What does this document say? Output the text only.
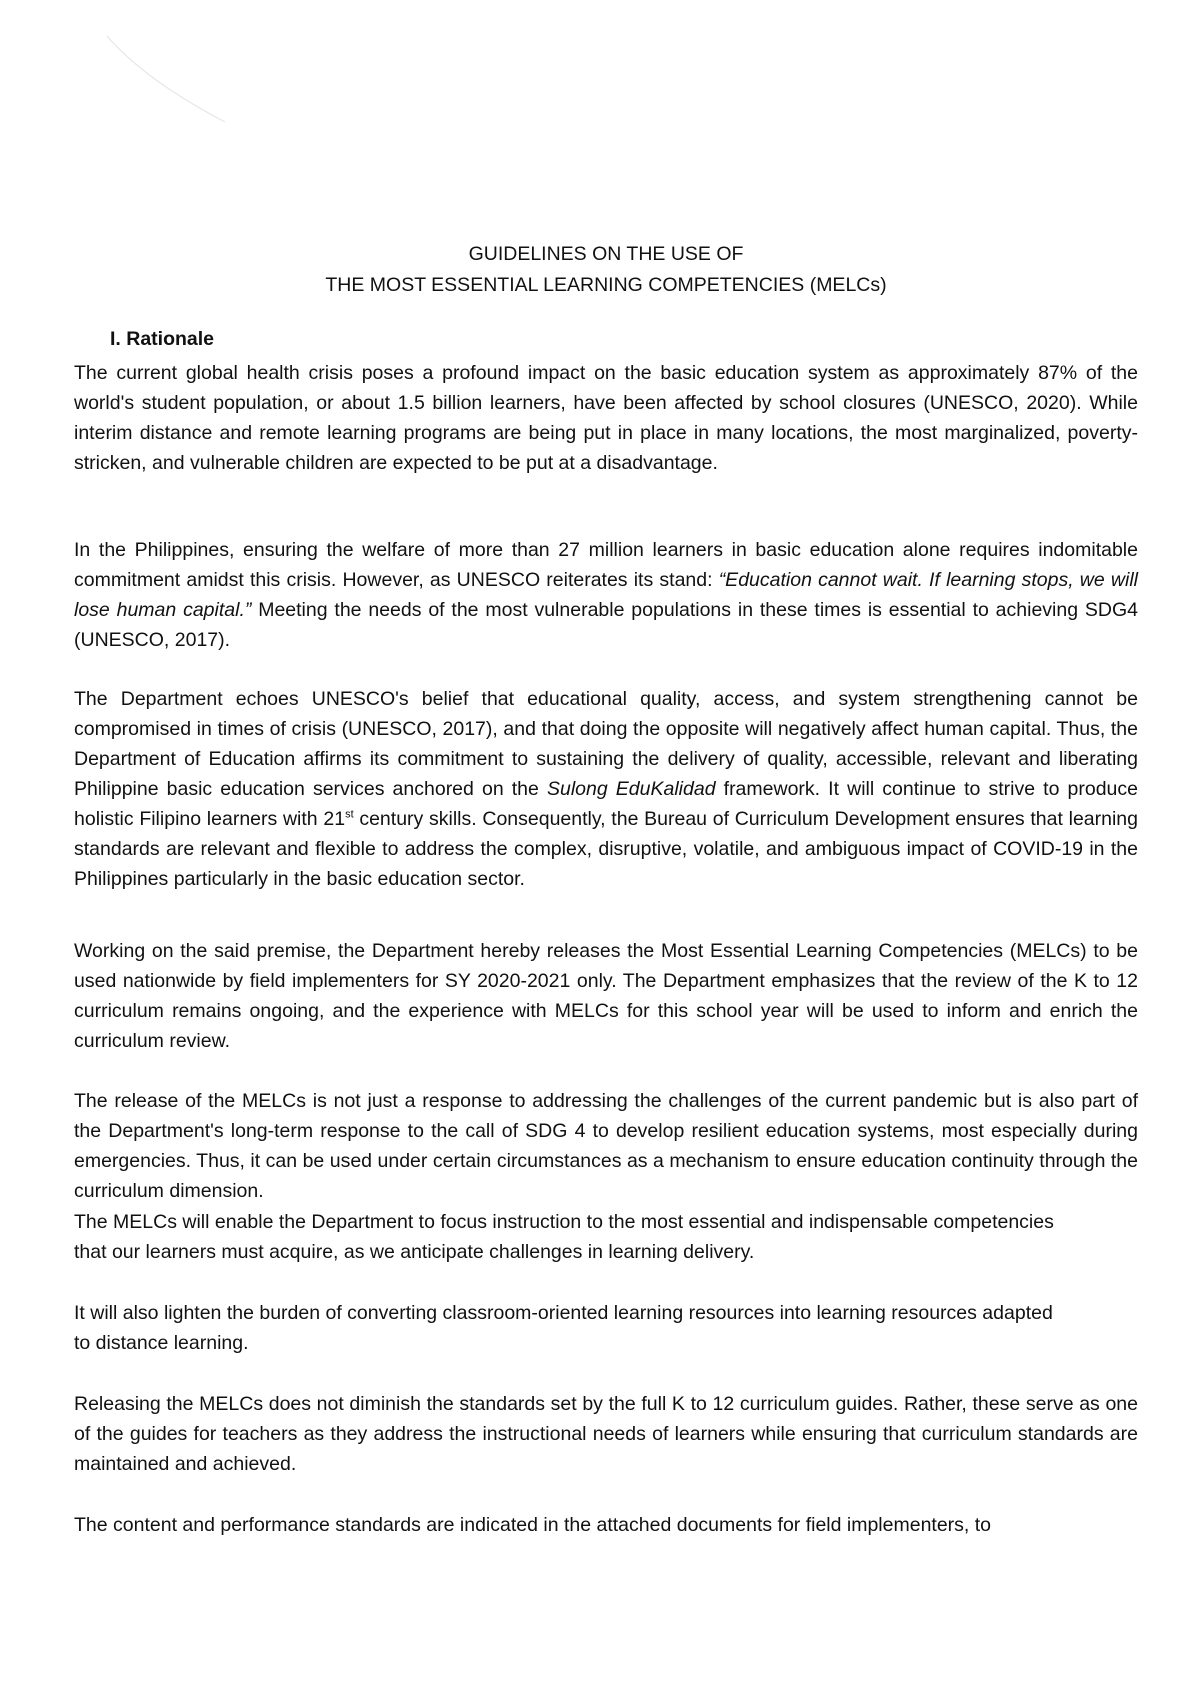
GUIDELINES ON THE USE OF
THE MOST ESSENTIAL LEARNING COMPETENCIES (MELCs)

I. Rationale

The current global health crisis poses a profound impact on the basic education system as approximately 87% of the world's student population, or about 1.5 billion learners, have been affected by school closures (UNESCO, 2020). While interim distance and remote learning programs are being put in place in many locations, the most marginalized, poverty-stricken, and vulnerable children are expected to be put at a disadvantage.

In the Philippines, ensuring the welfare of more than 27 million learners in basic education alone requires indomitable commitment amidst this crisis. However, as UNESCO reiterates its stand: “Education cannot wait. If learning stops, we will lose human capital.” Meeting the needs of the most vulnerable populations in these times is essential to achieving SDG4 (UNESCO, 2017).

The Department echoes UNESCO's belief that educational quality, access, and system strengthening cannot be compromised in times of crisis (UNESCO, 2017), and that doing the opposite will negatively affect human capital. Thus, the Department of Education affirms its commitment to sustaining the delivery of quality, accessible, relevant and liberating Philippine basic education services anchored on the Sulong EduKalidad framework. It will continue to strive to produce holistic Filipino learners with 21st century skills. Consequently, the Bureau of Curriculum Development ensures that learning standards are relevant and flexible to address the complex, disruptive, volatile, and ambiguous impact of COVID-19 in the Philippines particularly in the basic education sector.

Working on the said premise, the Department hereby releases the Most Essential Learning Competencies (MELCs) to be used nationwide by field implementers for SY 2020-2021 only. The Department emphasizes that the review of the K to 12 curriculum remains ongoing, and the experience with MELCs for this school year will be used to inform and enrich the curriculum review.

The release of the MELCs is not just a response to addressing the challenges of the current pandemic but is also part of the Department's long-term response to the call of SDG 4 to develop resilient education systems, most especially during emergencies. Thus, it can be used under certain circumstances as a mechanism to ensure education continuity through the curriculum dimension.

The MELCs will enable the Department to focus instruction to the most essential and indispensable competencies that our learners must acquire, as we anticipate challenges in learning delivery.

It will also lighten the burden of converting classroom-oriented learning resources into learning resources adapted to distance learning.

Releasing the MELCs does not diminish the standards set by the full K to 12 curriculum guides. Rather, these serve as one of the guides for teachers as they address the instructional needs of learners while ensuring that curriculum standards are maintained and achieved.

The content and performance standards are indicated in the attached documents for field implementers, to
